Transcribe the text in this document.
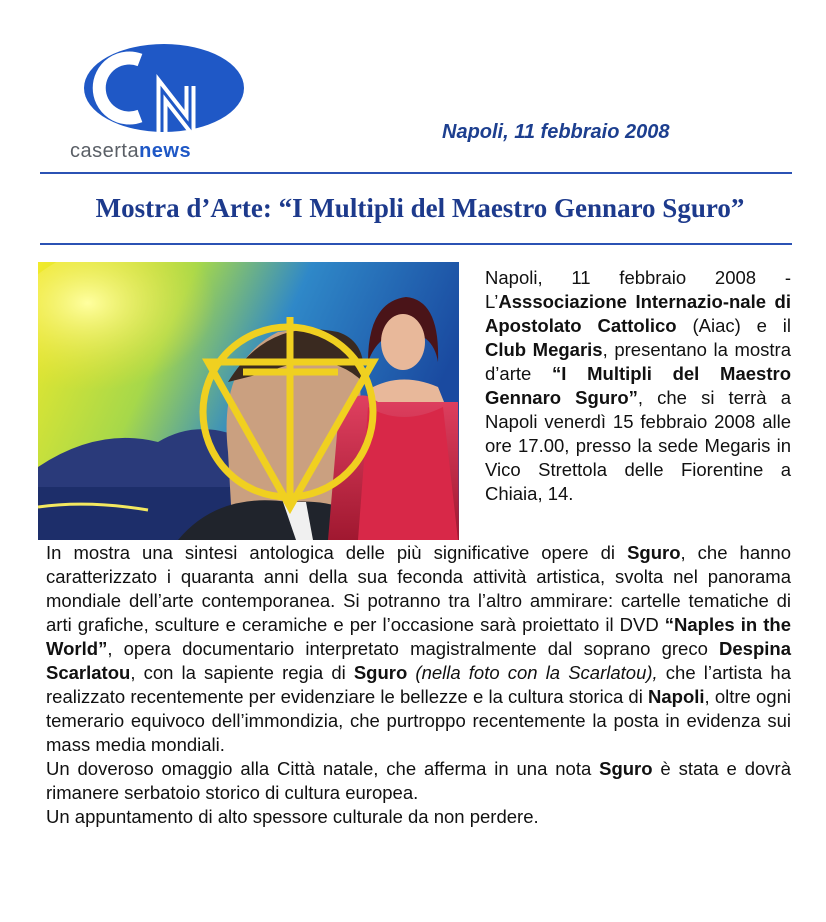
casertanews
Napoli, 11 febbraio 2008
Mostra d’Arte: “I Multipli del Maestro Gennaro Sguro”
Napoli, 11 febbraio 2008 - L’Asssociazione Internazio-nale di Apostolato Cattolico (Aiac) e il Club Megaris, presentano la mostra d’arte “I Multipli del Maestro Gennaro Sguro”, che si terrà a Napoli venerdì 15 febbraio 2008 alle ore 17.00, presso la sede Megaris in Vico Strettola delle Fiorentine a Chiaia, 14.

In mostra una sintesi antologica delle più significative opere di Sguro, che hanno caratterizzato i quaranta anni della sua feconda attività artistica, svolta nel panorama mondiale dell’arte contemporanea. Si potranno tra l’altro ammirare: cartelle tematiche di arti grafiche, sculture e ceramiche e per l’occasione sarà proiettato il DVD “Naples in the World”, opera documentario interpretato magistralmente dal soprano greco Despina Scarlatou, con la sapiente regia di Sguro (nella foto con la Scarlatou), che l’artista ha realizzato recentemente per evidenziare le bellezze e la cultura storica di Napoli, oltre ogni temerario equivoco dell’immondizia, che purtroppo recentemente la posta in evidenza sui mass media mondiali.

Un doveroso omaggio alla Città natale, che afferma in una nota Sguro è stata e dovrà rimanere serbatoio storico di cultura europea.

Un appuntamento di alto spessore culturale da non perdere.
